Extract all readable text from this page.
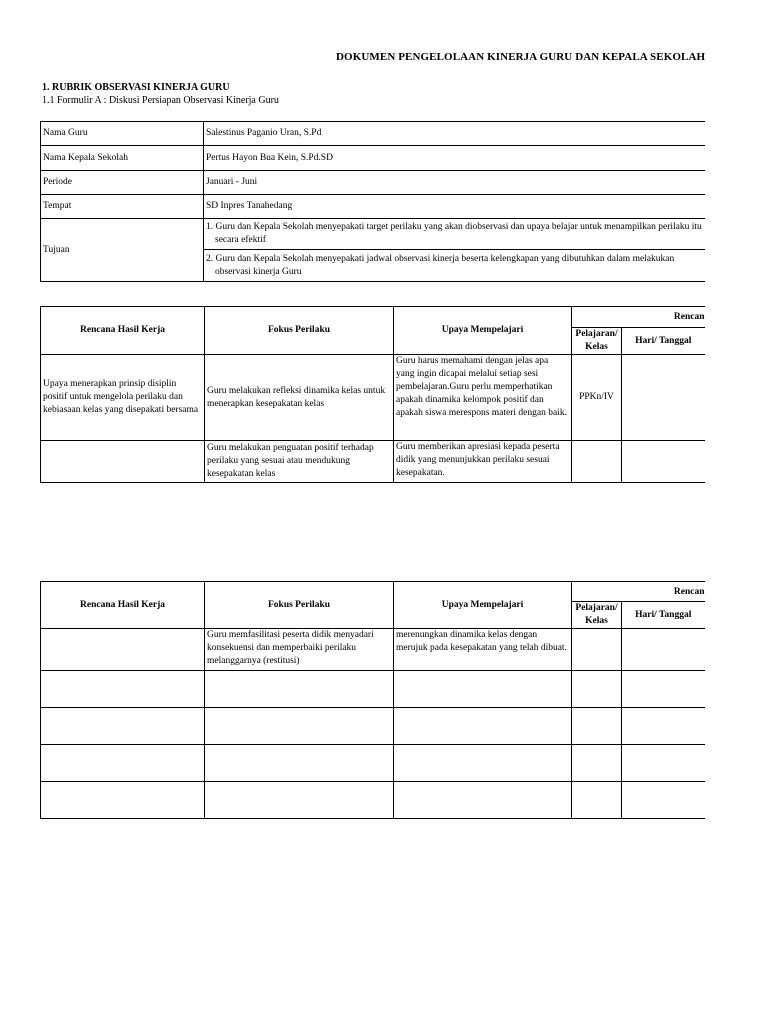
DOKUMEN PENGELOLAAN KINERJA GURU DAN KEPALA SEKOLAH
1. RUBRIK OBSERVASI KINERJA GURU
1.1 Formulir A : Diskusi Persiapan Observasi Kinerja Guru
Nama Guru	Salestinus Paganio Uran, S.Pd
Nama Kepala Sekolah	Pertus Hayon Bua Kein, S.Pd.SD
Periode	Januari - Juni
Tempat	SD Inpres Tanahedang
Tujuan	1. Guru dan Kepala Sekolah menyepakati target perilaku yang akan diobservasi dan upaya belajar untuk menampilkan perilaku itu secara efektif
	2. Guru dan Kepala Sekolah menyepakati jadwal observasi kinerja beserta kelengkapan yang dibutuhkan dalam melakukan observasi kinerja Guru
Rencana Hasil Kerja	Fokus Perilaku	Upaya Mempelajari	Rencan	

			Pelajaran/ Kelas	Hari/ Tanggal
Upaya menerapkan prinsip disiplin positif untuk mengelola perilaku dan kebiasaan kelas yang disepakati bersama	Guru melakukan refleksi dinamika kelas untuk menerapkan kesepakatan kelas	Guru harus memahami dengan jelas apa yang ingin dicapai melalui setiap sesi pembelajaran.Guru perlu memperhatikan apakah dinamika kelompok positif dan apakah siswa merespons materi dengan baik.	PPKn/IV	
	Guru melakukan penguatan positif terhadap perilaku yang sesuai atau mendukung kesepakatan kelas	Guru memberikan apresiasi kepada peserta didik yang menunjukkan perilaku sesuai kesepakatan.		
Rencana Hasil Kerja	Fokus Perilaku	Upaya Mempelajari	Rencan	

			Pelajaran/ Kelas	Hari/ Tanggal
	Guru memfasilitasi peserta didik menyadari konsekuensi dan memperbaiki perilaku melanggarnya (restitusi)	merenungkan dinamika kelas dengan merujuk pada kesepakatan yang telah dibuat.		
